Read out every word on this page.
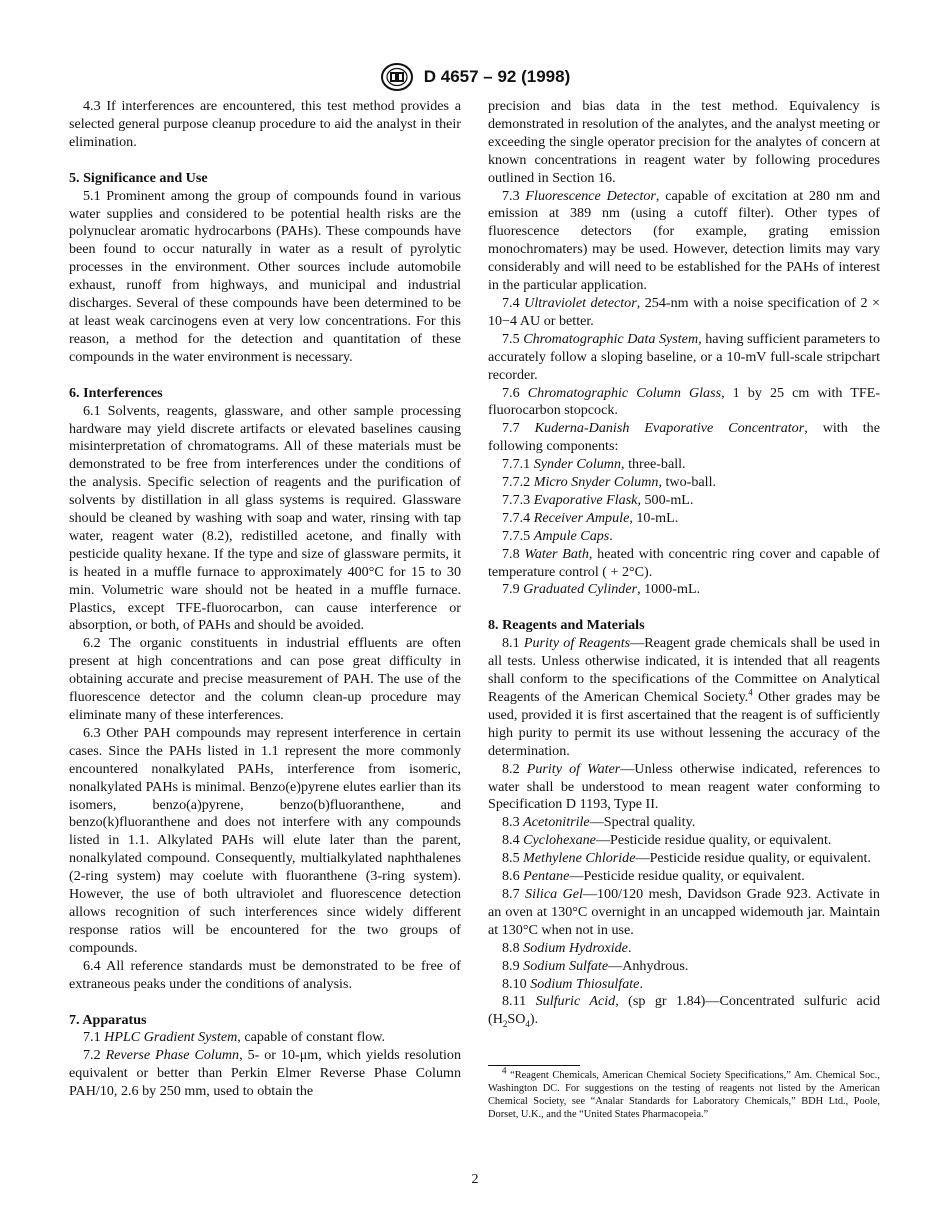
D 4657 – 92 (1998)

4.3 If interferences are encountered, this test method provides a selected general purpose cleanup procedure to aid the analyst in their elimination.

5. Significance and Use

5.1 Prominent among the group of compounds found in various water supplies and considered to be potential health risks are the polynuclear aromatic hydrocarbons (PAHs). These compounds have been found to occur naturally in water as a result of pyrolytic processes in the environment. Other sources include automobile exhaust, runoff from highways, and municipal and industrial discharges. Several of these compounds have been determined to be at least weak carcinogens even at very low concentrations. For this reason, a method for the detection and quantitation of these compounds in the water environment is necessary.

6. Interferences

6.1 Solvents, reagents, glassware, and other sample processing hardware may yield discrete artifacts or elevated baselines causing misinterpretation of chromatograms. All of these materials must be demonstrated to be free from interferences under the conditions of the analysis. Specific selection of reagents and the purification of solvents by distillation in all glass systems is required. Glassware should be cleaned by washing with soap and water, rinsing with tap water, reagent water (8.2), redistilled acetone, and finally with pesticide quality hexane. If the type and size of glassware permits, it is heated in a muffle furnace to approximately 400°C for 15 to 30 min. Volumetric ware should not be heated in a muffle furnace. Plastics, except TFE-fluorocarbon, can cause interference or absorption, or both, of PAHs and should be avoided.

6.2 The organic constituents in industrial effluents are often present at high concentrations and can pose great difficulty in obtaining accurate and precise measurement of PAH. The use of the fluorescence detector and the column clean-up procedure may eliminate many of these interferences.

6.3 Other PAH compounds may represent interference in certain cases. Since the PAHs listed in 1.1 represent the more commonly encountered nonalkylated PAHs, interference from isomeric, nonalkylated PAHs is minimal. Benzo(e)pyrene elutes earlier than its isomers, benzo(a)pyrene, benzo(b)fluoranthene, and benzo(k)fluoranthene and does not interfere with any compounds listed in 1.1. Alkylated PAHs will elute later than the parent, nonalkylated compound. Consequently, multialkylated naphthalenes (2-ring system) may coelute with fluoranthene (3-ring system). However, the use of both ultraviolet and fluorescence detection allows recognition of such interferences since widely different response ratios will be encountered for the two groups of compounds.

6.4 All reference standards must be demonstrated to be free of extraneous peaks under the conditions of analysis.

7. Apparatus

7.1 HPLC Gradient System, capable of constant flow.

7.2 Reverse Phase Column, 5- or 10-μm, which yields resolution equivalent or better than Perkin Elmer Reverse Phase Column PAH/10, 2.6 by 250 mm, used to obtain the

precision and bias data in the test method. Equivalency is demonstrated in resolution of the analytes, and the analyst meeting or exceeding the single operator precision for the analytes of concern at known concentrations in reagent water by following procedures outlined in Section 16.

7.3 Fluorescence Detector, capable of excitation at 280 nm and emission at 389 nm (using a cutoff filter). Other types of fluorescence detectors (for example, grating emission monochromaters) may be used. However, detection limits may vary considerably and will need to be established for the PAHs of interest in the particular application.

7.4 Ultraviolet detector, 254-nm with a noise specification of 2 × 10−4 AU or better.

7.5 Chromatographic Data System, having sufficient parameters to accurately follow a sloping baseline, or a 10-mV full-scale stripchart recorder.

7.6 Chromatographic Column Glass, 1 by 25 cm with TFE-fluorocarbon stopcock.

7.7 Kuderna-Danish Evaporative Concentrator, with the following components:

7.7.1 Synder Column, three-ball.

7.7.2 Micro Snyder Column, two-ball.

7.7.3 Evaporative Flask, 500-mL.

7.7.4 Receiver Ampule, 10-mL.

7.7.5 Ampule Caps.

7.8 Water Bath, heated with concentric ring cover and capable of temperature control ( + 2°C).

7.9 Graduated Cylinder, 1000-mL.

8. Reagents and Materials

8.1 Purity of Reagents—Reagent grade chemicals shall be used in all tests. Unless otherwise indicated, it is intended that all reagents shall conform to the specifications of the Committee on Analytical Reagents of the American Chemical Society.$^4$ Other grades may be used, provided it is first ascertained that the reagent is of sufficiently high purity to permit its use without lessening the accuracy of the determination.

8.2 Purity of Water—Unless otherwise indicated, references to water shall be understood to mean reagent water conforming to Specification D 1193, Type II.

8.3 Acetonitrile—Spectral quality.

8.4 Cyclohexane—Pesticide residue quality, or equivalent.

8.5 Methylene Chloride—Pesticide residue quality, or equivalent.

8.6 Pentane—Pesticide residue quality, or equivalent.

8.7 Silica Gel—100/120 mesh, Davidson Grade 923. Activate in an oven at 130°C overnight in an uncapped widemouth jar. Maintain at 130°C when not in use.

8.8 Sodium Hydroxide.

8.9 Sodium Sulfate—Anhydrous.

8.10 Sodium Thiosulfate.

8.11 Sulfuric Acid, (sp gr 1.84)—Concentrated sulfuric acid $(H_2SO_4)$.

$^4$ “Reagent Chemicals, American Chemical Society Specifications,” Am. Chemical Soc., Washington DC. For suggestions on the testing of reagents not listed by the American Chemical Society, see “Analar Standards for Laboratory Chemicals,” BDH Ltd., Poole, Dorset, U.K., and the “United States Pharmacopeia.”

2
